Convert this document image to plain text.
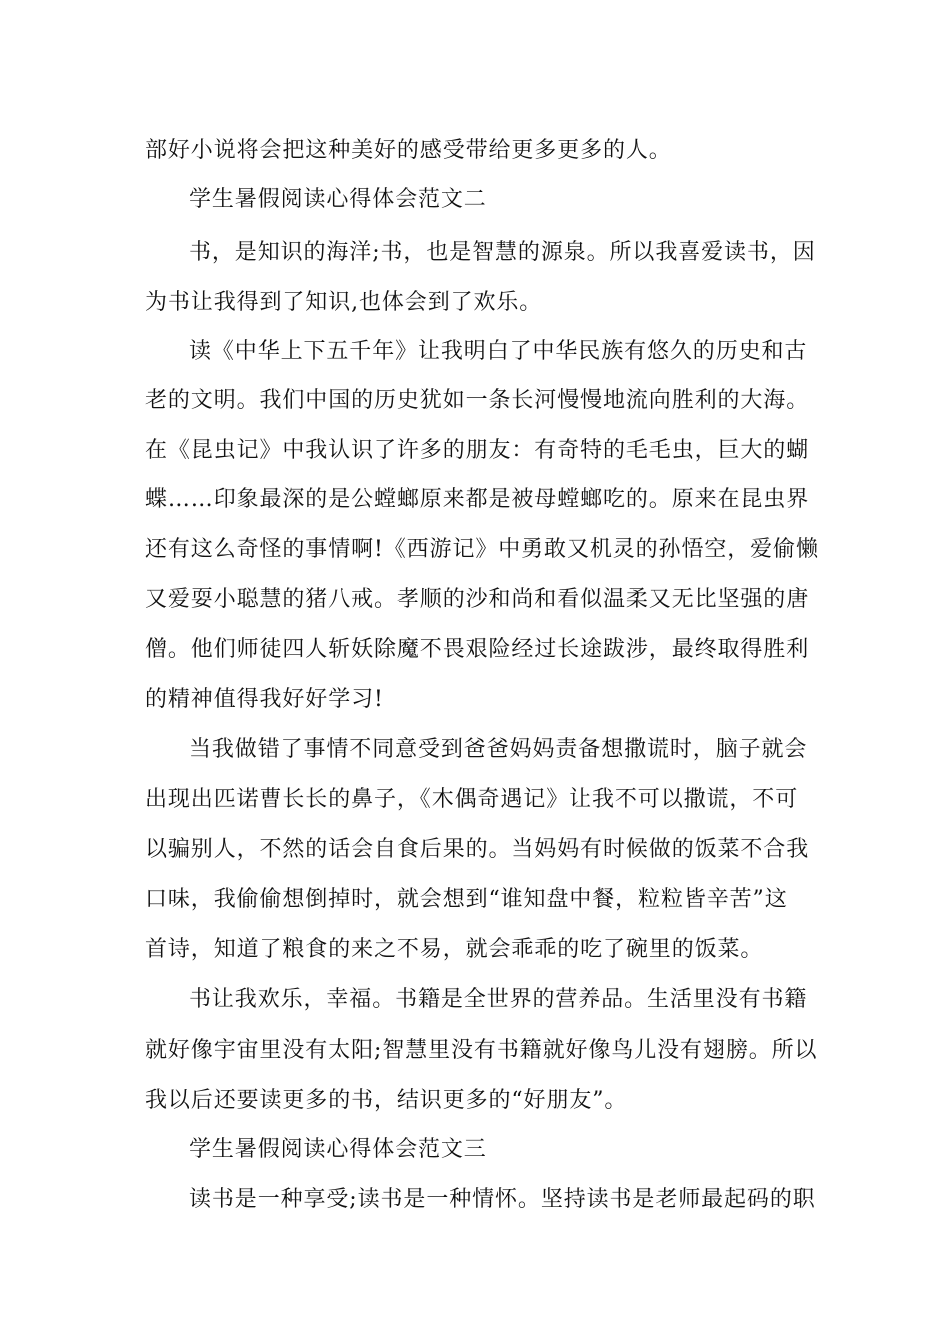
部好小说将会把这种美好的感受带给更多更多的人。
学生暑假阅读心得体会范文二
书，是知识的海洋;书，也是智慧的源泉。所以我喜爱读书，因
为书让我得到了知识,也体会到了欢乐。
读《中华上下五千年》让我明白了中华民族有悠久的历史和古
老的文明。我们中国的历史犹如一条长河慢慢地流向胜利的大海。
在《昆虫记》中我认识了许多的朋友：有奇特的毛毛虫，巨大的蝴
蝶……印象最深的是公螳螂原来都是被母螳螂吃的。原来在昆虫界
还有这么奇怪的事情啊!《西游记》中勇敢又机灵的孙悟空，爱偷懒
又爱耍小聪慧的猪八戒。孝顺的沙和尚和看似温柔又无比坚强的唐
僧。他们师徒四人斩妖除魔不畏艰险经过长途跋涉，最终取得胜利
的精神值得我好好学习!
当我做错了事情不同意受到爸爸妈妈责备想撒谎时，脑子就会
出现出匹诺曹长长的鼻子，《木偶奇遇记》让我不可以撒谎，不可
以骗别人，不然的话会自食后果的。当妈妈有时候做的饭菜不合我
口味，我偷偷想倒掉时，就会想到“谁知盘中餐，粒粒皆辛苦”这
首诗，知道了粮食的来之不易，就会乖乖的吃了碗里的饭菜。
书让我欢乐，幸福。书籍是全世界的营养品。生活里没有书籍
就好像宇宙里没有太阳;智慧里没有书籍就好像鸟儿没有翅膀。所以
我以后还要读更多的书，结识更多的“好朋友”。
学生暑假阅读心得体会范文三
读书是一种享受;读书是一种情怀。坚持读书是老师最起码的职
